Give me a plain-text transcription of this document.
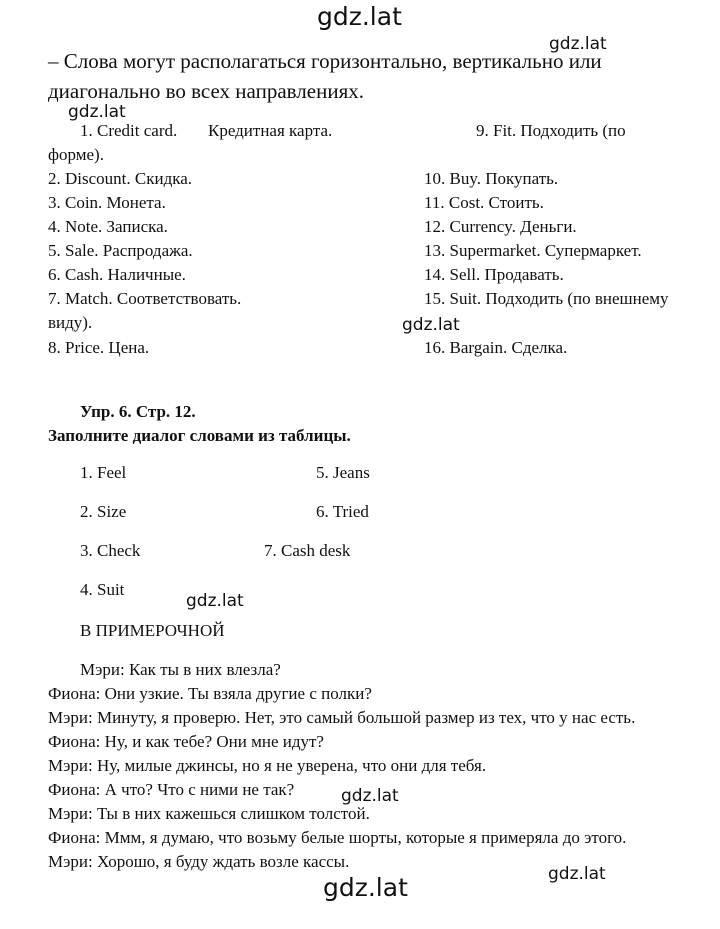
gdz.lat
gdz.lat
gdz.lat
gdz.lat
gdz.lat
gdz.lat
gdz.lat
gdz.lat
– Слова могут располагаться горизонтально, вертикально или
диагонально во всех направлениях.
1. Credit card. Кредитная карта.	9. Fit. Подходить (по
форме).
2. Discount. Скидка.	10. Buy. Покупать.
3. Coin. Монета.	11. Cost. Стоить.
4. Note. Записка.	12. Currency. Деньги.
5. Sale. Распродажа.	13. Supermarket. Супермаркет.
6. Cash. Наличные.	14. Sell. Продавать.
7. Match. Соответствовать.	15. Suit. Подходить (по внешнему
виду).
8. Price. Цена.	16. Bargain. Сделка.
Упр. 6. Стр. 12.
Заполните диалог словами из таблицы.
1. Feel	5. Jeans
2. Size	6. Tried
3. Check	7. Cash desk
4. Suit
В ПРИМЕРОЧНОЙ
Мэри: Как ты в них влезла?
Фиона: Они узкие. Ты взяла другие с полки?
Мэри: Минуту, я проверю. Нет, это самый большой размер из тех, что у нас есть.
Фиона: Ну, и как тебе? Они мне идут?
Мэри: Ну, милые джинсы, но я не уверена, что они для тебя.
Фиона: А что? Что с ними не так?
Мэри: Ты в них кажешься слишком толстой.
Фиона: Ммм, я думаю, что возьму белые шорты, которые я примеряла до этого.
Мэри: Хорошо, я буду ждать возле кассы.
